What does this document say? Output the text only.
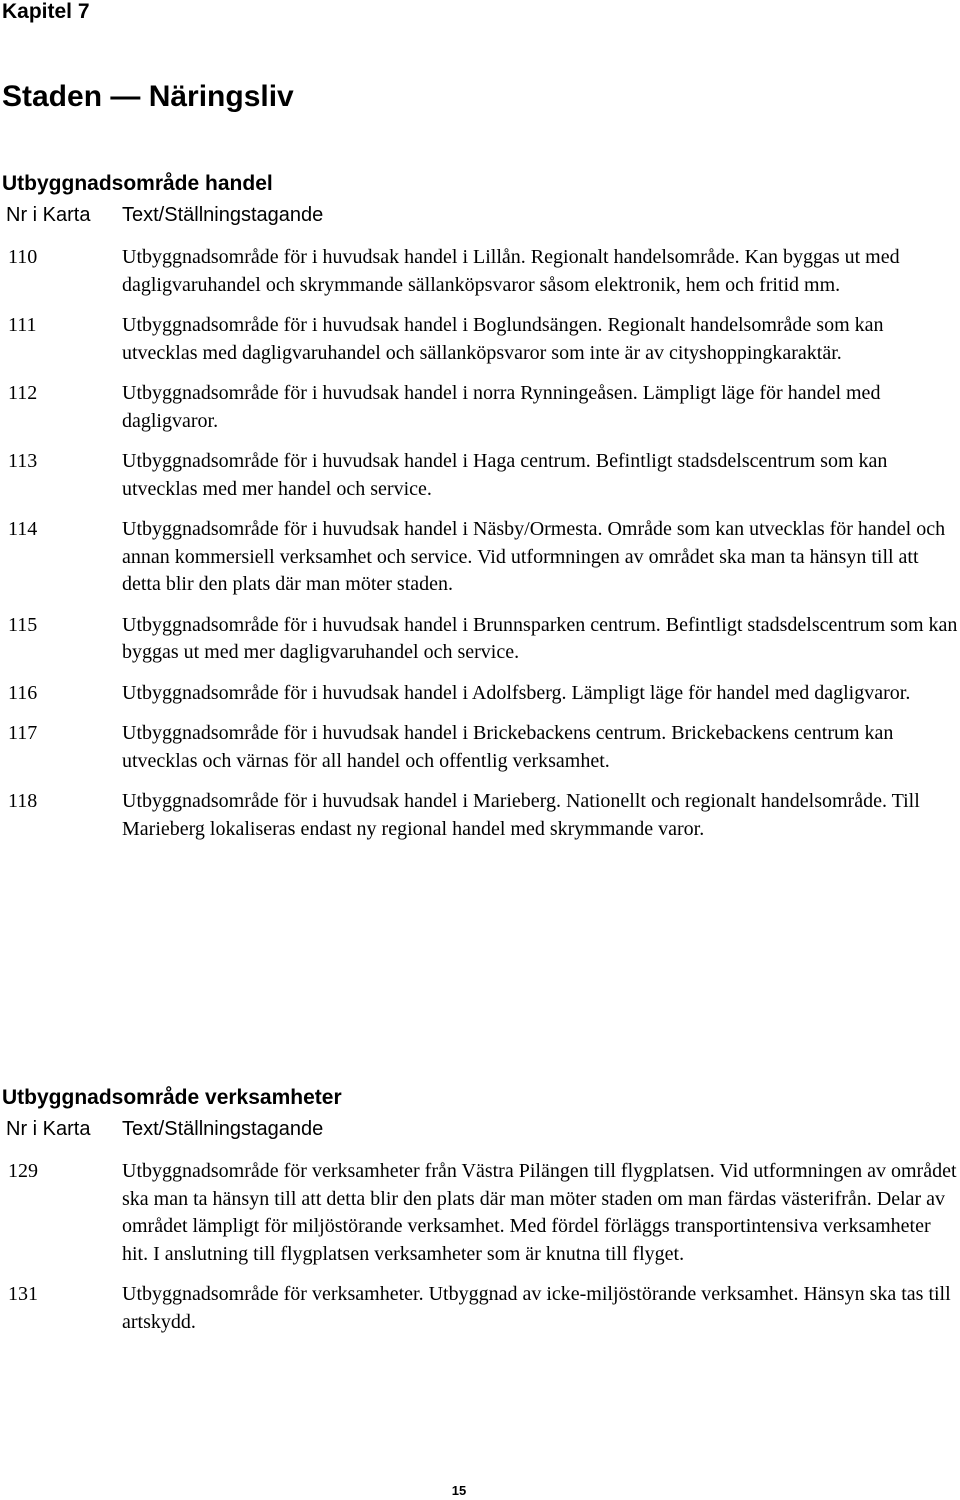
Kapitel 7
Staden — Näringsliv
Utbyggnadsområde handel
Nr i Karta	Text/Ställningstagande
110	Utbyggnadsområde för i huvudsak handel i Lillån. Regionalt handelsområde. Kan byggas ut med dagligvaruhandel och skrymmande sällanköpsvaror såsom elektronik, hem och fritid mm.
111	Utbyggnadsområde för i huvudsak handel i Boglundsängen. Regionalt handelsområde som kan utvecklas med dagligvaruhandel och sällanköpsvaror som inte är av cityshoppingkaraktär.
112	Utbyggnadsområde för i huvudsak handel i norra Rynningeåsen. Lämpligt läge för handel med dagligvaror.
113	Utbyggnadsområde för i huvudsak handel i Haga centrum. Befintligt stadsdelscentrum som kan utvecklas med mer handel och service.
114	Utbyggnadsområde för i huvudsak handel i Näsby/Ormesta. Område som kan utvecklas för handel och annan kommersiell verksamhet och service. Vid utformningen av området ska man ta hänsyn till att detta blir den plats där man möter staden.
115	Utbyggnadsområde för i huvudsak handel i Brunnsparken centrum. Befintligt stadsdelscentrum som kan byggas ut med mer dagligvaruhandel och service.
116	Utbyggnadsområde för i huvudsak handel i Adolfsberg. Lämpligt läge för handel med dagligvaror.
117	Utbyggnadsområde för i huvudsak handel i Brickebackens centrum. Brickebackens centrum kan utvecklas och värnas för all handel och offentlig verksamhet.
118	Utbyggnadsområde för i huvudsak handel i Marieberg. Nationellt och regionalt handelsområde. Till Marieberg lokaliseras endast ny regional handel med skrymmande varor.
Utbyggnadsområde verksamheter
Nr i Karta	Text/Ställningstagande
129	Utbyggnadsområde för verksamheter från Västra Pilängen till flygplatsen. Vid utformningen av området ska man ta hänsyn till att detta blir den plats där man möter staden om man färdas västerifrån. Delar av området lämpligt för miljöstörande verksamhet. Med fördel förläggs transportintensiva verksamheter hit. I anslutning till flygplatsen verksamheter som är knutna till flyget.
131	Utbyggnadsområde för verksamheter. Utbyggnad av icke-miljöstörande verksamhet. Hänsyn ska tas till artskydd.
15
